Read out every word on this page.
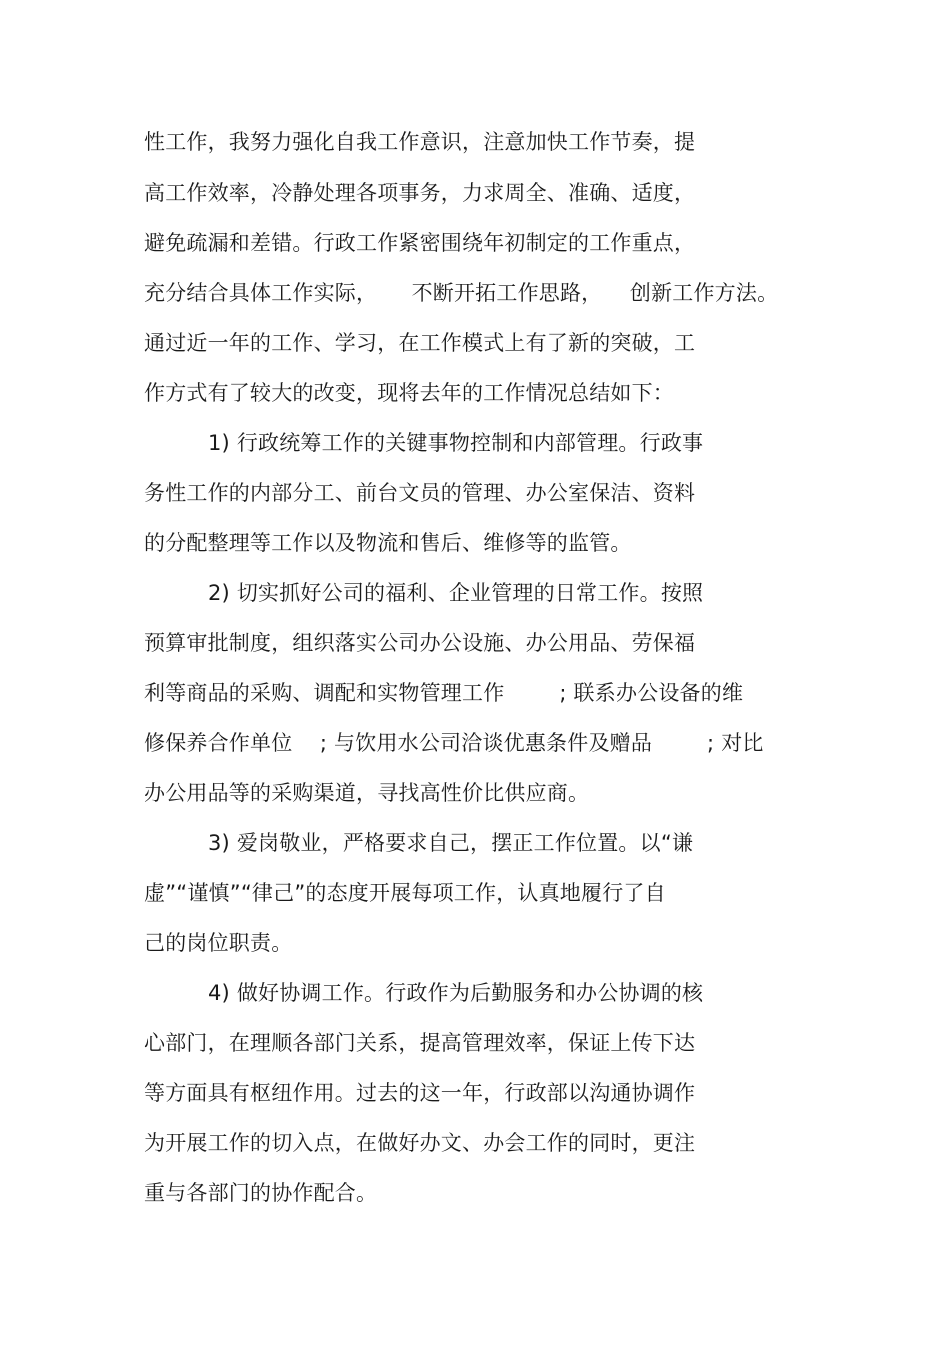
性工作，我努力强化自我工作意识，注意加快工作节奏，提
高工作效率，冷静处理各项事务，力求周全、准确、适度，
避免疏漏和差错。行政工作紧密围绕年初制定的工作重点，
充分结合具体工作实际，     不断开拓工作思路，    创新工作方法。
通过近一年的工作、学习，在工作模式上有了新的突破，工
作方式有了较大的改变，现将去年的工作情况总结如下：
1) 行政统筹工作的关键事物控制和内部管理。行政事
务性工作的内部分工、前台文员的管理、办公室保洁、资料
的分配整理等工作以及物流和售后、维修等的监管。
2) 切实抓好公司的福利、企业管理的日常工作。按照
预算审批制度，组织落实公司办公设施、办公用品、劳保福
利等商品的采购、调配和实物管理工作        ; 联系办公设备的维
修保养合作单位    ; 与饮用水公司洽谈优惠条件及赠品        ; 对比
办公用品等的采购渠道，寻找高性价比供应商。
3) 爱岗敬业，严格要求自己，摆正工作位置。以“谦
虚”“谨慎”“律己”的态度开展每项工作，认真地履行了自
己的岗位职责。
4) 做好协调工作。行政作为后勤服务和办公协调的核
心部门，在理顺各部门关系，提高管理效率，保证上传下达
等方面具有枢纽作用。过去的这一年，行政部以沟通协调作
为开展工作的切入点，在做好办文、办会工作的同时，更注
重与各部门的协作配合。
